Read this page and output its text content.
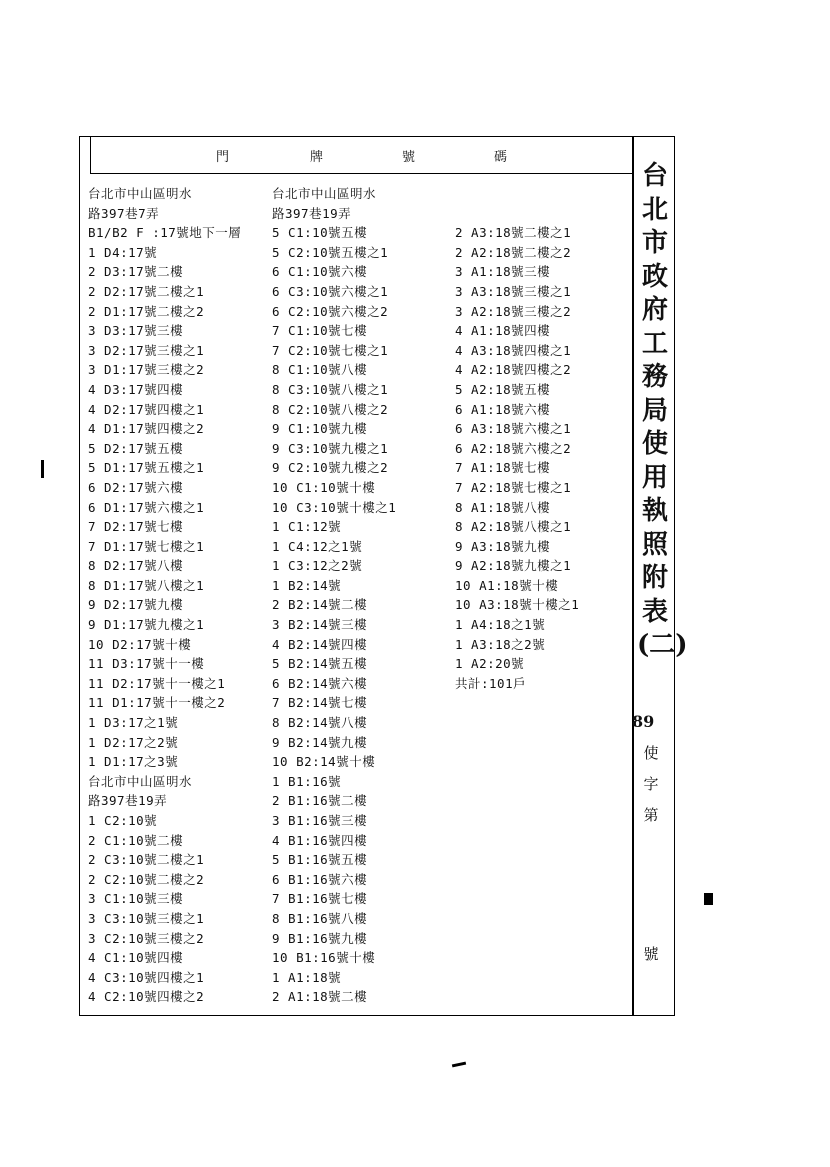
門	牌	號	碼
台北市中山區明水
路397巷7弄
B1/B2 F :17號地下一層
1 D4:17號
2 D3:17號二樓
2 D2:17號二樓之1
2 D1:17號二樓之2
3 D3:17號三樓
3 D2:17號三樓之1
3 D1:17號三樓之2
4 D3:17號四樓
4 D2:17號四樓之1
4 D1:17號四樓之2
5 D2:17號五樓
5 D1:17號五樓之1
6 D2:17號六樓
6 D1:17號六樓之1
7 D2:17號七樓
7 D1:17號七樓之1
8 D2:17號八樓
8 D1:17號八樓之1
9 D2:17號九樓
9 D1:17號九樓之1
10 D2:17號十樓
11 D3:17號十一樓
11 D2:17號十一樓之1
11 D1:17號十一樓之2
1 D3:17之1號
1 D2:17之2號
1 D1:17之3號
台北市中山區明水
路397巷19弄
1 C2:10號
2 C1:10號二樓
2 C3:10號二樓之1
2 C2:10號二樓之2
3 C1:10號三樓
3 C3:10號三樓之1
3 C2:10號三樓之2
4 C1:10號四樓
4 C3:10號四樓之1
4 C2:10號四樓之2
台北市中山區明水
路397巷19弄
5 C1:10號五樓
5 C2:10號五樓之1
6 C1:10號六樓
6 C3:10號六樓之1
6 C2:10號六樓之2
7 C1:10號七樓
7 C2:10號七樓之1
8 C1:10號八樓
8 C3:10號八樓之1
8 C2:10號八樓之2
9 C1:10號九樓
9 C3:10號九樓之1
9 C2:10號九樓之2
10 C1:10號十樓
10 C3:10號十樓之1
1 C1:12號
1 C4:12之1號
1 C3:12之2號
1 B2:14號
2 B2:14號二樓
3 B2:14號三樓
4 B2:14號四樓
5 B2:14號五樓
6 B2:14號六樓
7 B2:14號七樓
8 B2:14號八樓
9 B2:14號九樓
10 B2:14號十樓
1 B1:16號
2 B1:16號二樓
3 B1:16號三樓
4 B1:16號四樓
5 B1:16號五樓
6 B1:16號六樓
7 B1:16號七樓
8 B1:16號八樓
9 B1:16號九樓
10 B1:16號十樓
1 A1:18號
2 A1:18號二樓
2 A3:18號二樓之1
2 A2:18號二樓之2
3 A1:18號三樓
3 A3:18號三樓之1
3 A2:18號三樓之2
4 A1:18號四樓
4 A3:18號四樓之1
4 A2:18號四樓之2
5 A2:18號五樓
6 A1:18號六樓
6 A3:18號六樓之1
6 A2:18號六樓之2
7 A1:18號七樓
7 A2:18號七樓之1
8 A1:18號八樓
8 A2:18號八樓之1
9 A3:18號九樓
9 A2:18號九樓之1
10 A1:18號十樓
10 A3:18號十樓之1
1 A4:18之1號
1 A3:18之2號
1 A2:20號
共計:101戶
台
北
市
政
府
工
務
局
使
用
執
照
附
表
(二)
89
使
字
第
號
